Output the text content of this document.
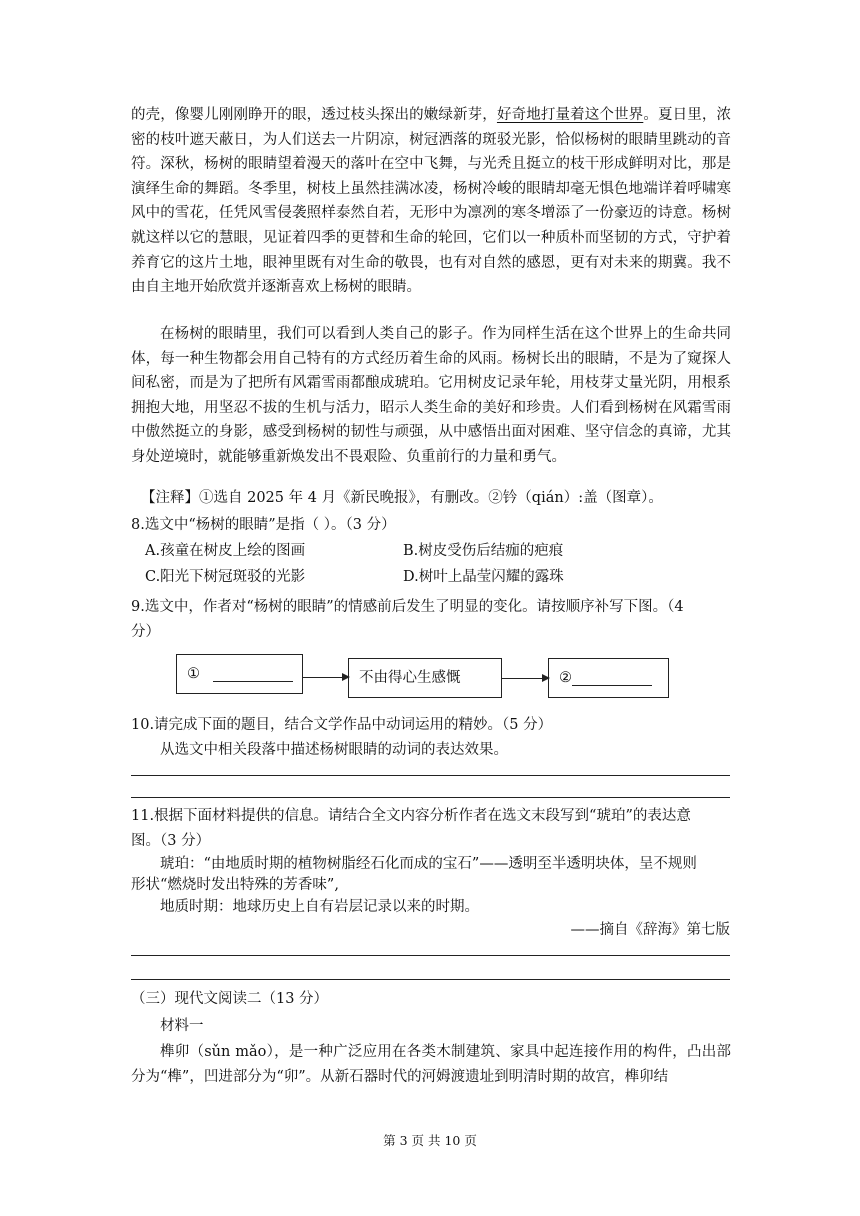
的壳，像婴儿刚刚睁开的眼，透过枝头探出的嫩绿新芽，好奇地打量着这个世界。夏日里，浓密的枝叶遮天蔽日，为人们送去一片阴凉，树冠洒落的斑驳光影，恰似杨树的眼睛里跳动的音符。深秋，杨树的眼睛望着漫天的落叶在空中飞舞，与光秃且挺立的枝干形成鲜明对比，那是演绎生命的舞蹈。冬季里，树枝上虽然挂满冰凌，杨树冷峻的眼睛却毫无惧色地端详着呼啸寒风中的雪花，任凭风雪侵袭照样泰然自若，无形中为凛冽的寒冬增添了一份豪迈的诗意。杨树就这样以它的慧眼，见证着四季的更替和生命的轮回，它们以一种质朴而坚韧的方式，守护着养育它的这片土地，眼神里既有对生命的敬畏，也有对自然的感恩，更有对未来的期冀。我不由自主地开始欣赏并逐渐喜欢上杨树的眼睛。

在杨树的眼睛里，我们可以看到人类自己的影子。作为同样生活在这个世界上的生命共同体，每一种生物都会用自己特有的方式经历着生命的风雨。杨树长出的眼睛，不是为了窥探人间私密，而是为了把所有风霜雪雨都酿成琥珀。它用树皮记录年轮，用枝芽丈量光阴，用根系拥抱大地，用坚忍不拔的生机与活力，昭示人类生命的美好和珍贵。人们看到杨树在风霜雪雨中傲然挺立的身影，感受到杨树的韧性与顽强，从中感悟出面对困难、坚守信念的真谛，尤其身处逆境时，就能够重新焕发出不畏艰险、负重前行的力量和勇气。

【注释】①选自 2025 年 4 月《新民晚报》，有删改。②钤（qián）:盖（图章）。

8.选文中“杨树的眼睛”是指（ ）。（3 分）

A.孩童在树皮上绘的图画	B.树皮受伤后结痂的疤痕

C.阳光下树冠斑驳的光影	D.树叶上晶莹闪耀的露珠

9.选文中，作者对“杨树的眼睛”的情感前后发生了明显的变化。请按顺序补写下图。（4

分）

①	不由得心生感慨	②

10.请完成下面的题目，结合文学作品中动词运用的精妙。（5 分）

从选文中相关段落中描述杨树眼睛的动词的表达效果。

11.根据下面材料提供的信息。请结合全文内容分析作者在选文末段写到“琥珀”的表达意

图。（3 分）

琥珀：“由地质时期的植物树脂经石化而成的宝石”——透明至半透明块体，呈不规则

形状“燃烧时发出特殊的芳香味”,

地质时期：地球历史上自有岩层记录以来的时期。

——摘自《辞海》第七版

（三）现代文阅读二（13 分）

材料一

榫卯（sǔn mǎo），是一种广泛应用在各类木制建筑、家具中起连接作用的构件，凸出部分为“榫”，凹进部分为“卯”。从新石器时代的河姆渡遗址到明清时期的故宫，榫卯结

第 3 页 共 10 页
